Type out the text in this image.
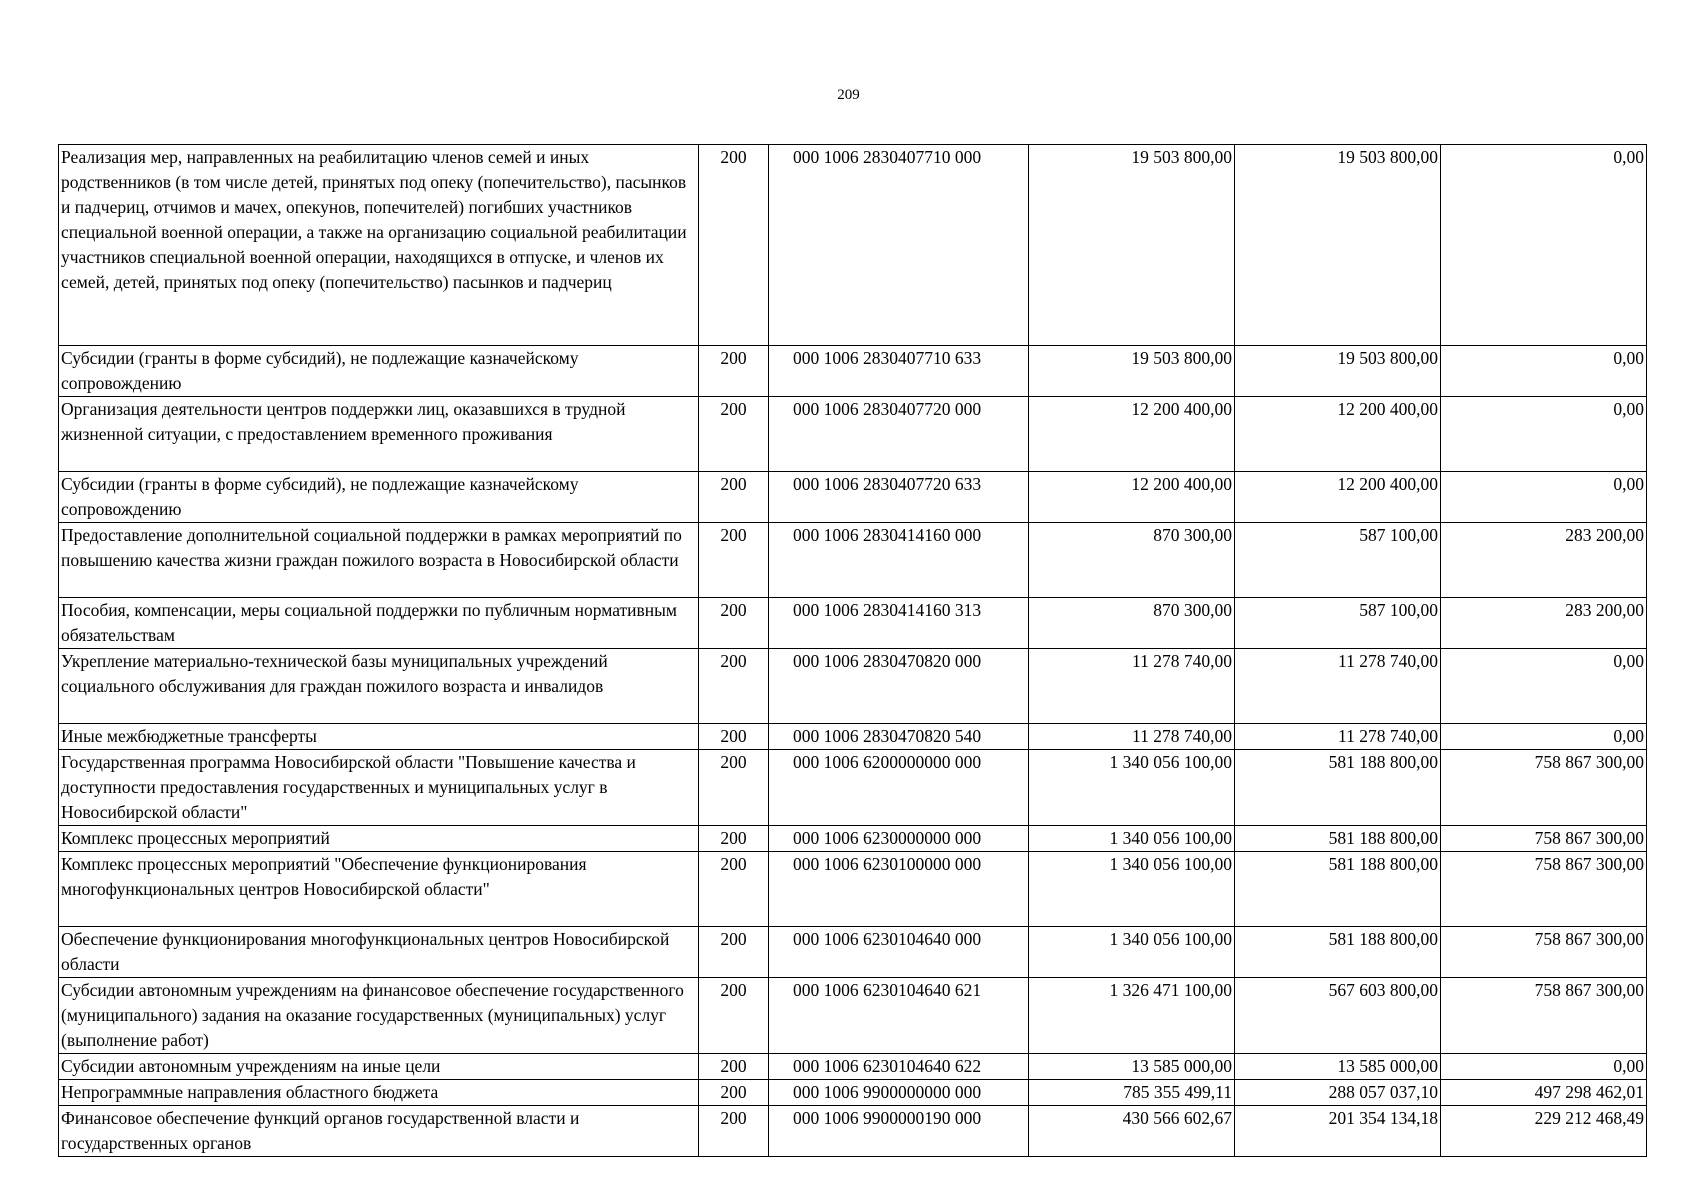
209
Реализация мер, направленных на реабилитацию членов семей и иных родственников (в том числе детей, принятых под опеку (попечительство), пасынков и падчериц, отчимов и мачех, опекунов, попечителей) погибших участников специальной военной операции, а также на организацию социальной реабилитации участников специальной военной операции, находящихся в отпуске, и членов их семей, детей, принятых под опеку (попечительство) пасынков и падчериц	200	000 1006 2830407710 000	19 503 800,00	19 503 800,00	0,00
Субсидии (гранты в форме субсидий), не подлежащие казначейскому сопровождению	200	000 1006 2830407710 633	19 503 800,00	19 503 800,00	0,00
Организация деятельности центров поддержки лиц, оказавшихся в трудной жизненной ситуации, с предоставлением временного проживания	200	000 1006 2830407720 000	12 200 400,00	12 200 400,00	0,00
Субсидии (гранты в форме субсидий), не подлежащие казначейскому сопровождению	200	000 1006 2830407720 633	12 200 400,00	12 200 400,00	0,00
Предоставление дополнительной социальной поддержки в рамках мероприятий по повышению качества жизни граждан пожилого возраста в Новосибирской области	200	000 1006 2830414160 000	870 300,00	587 100,00	283 200,00
Пособия, компенсации, меры социальной поддержки по публичным нормативным обязательствам	200	000 1006 2830414160 313	870 300,00	587 100,00	283 200,00
Укрепление материально-технической базы муниципальных учреждений социального обслуживания для граждан пожилого возраста и инвалидов	200	000 1006 2830470820 000	11 278 740,00	11 278 740,00	0,00
Иные межбюджетные трансферты	200	000 1006 2830470820 540	11 278 740,00	11 278 740,00	0,00
Государственная программа Новосибирской области "Повышение качества и доступности предоставления государственных и муниципальных услуг в Новосибирской области"	200	000 1006 6200000000 000	1 340 056 100,00	581 188 800,00	758 867 300,00
Комплекс процессных мероприятий	200	000 1006 6230000000 000	1 340 056 100,00	581 188 800,00	758 867 300,00
Комплекс процессных мероприятий "Обеспечение функционирования многофункциональных центров Новосибирской области"	200	000 1006 6230100000 000	1 340 056 100,00	581 188 800,00	758 867 300,00
Обеспечение функционирования многофункциональных центров Новосибирской области	200	000 1006 6230104640 000	1 340 056 100,00	581 188 800,00	758 867 300,00
Субсидии автономным учреждениям на финансовое обеспечение государственного (муниципального) задания на оказание государственных (муниципальных) услуг (выполнение работ)	200	000 1006 6230104640 621	1 326 471 100,00	567 603 800,00	758 867 300,00
Субсидии автономным учреждениям на иные цели	200	000 1006 6230104640 622	13 585 000,00	13 585 000,00	0,00
Непрограммные направления областного бюджета	200	000 1006 9900000000 000	785 355 499,11	288 057 037,10	497 298 462,01
Финансовое обеспечение функций органов государственной власти и государственных органов	200	000 1006 9900000190 000	430 566 602,67	201 354 134,18	229 212 468,49
